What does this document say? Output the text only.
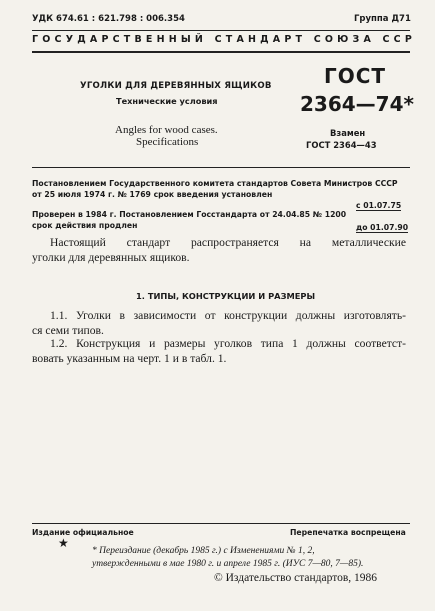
УДК 674.61 : 621.798 : 006.354	Группа Д71
ГОСУДАРСТВЕННЫЙ СТАНДАРТ СОЮЗА ССР
УГОЛКИ ДЛЯ ДЕРЕВЯННЫХ ЯЩИКОВ
Технические условия
Angles for wood cases.
Specifications
ГОСТ
2364—74*
Взамен
ГОСТ 2364—43
Постановлением Государственного комитета стандартов Совета Министров СССР
от 25 июля 1974 г. № 1769 срок введения установлен
с 01.07.75
Проверен в 1984 г. Постановлением Госстандарта от 24.04.85 № 1200
срок действия продлен	до 01.07.90
Настоящий стандарт распространяется на металлические
уголки для деревянных ящиков.
1. ТИПЫ, КОНСТРУКЦИИ И РАЗМЕРЫ
1.1. Уголки в зависимости от конструкции должны изготовлять-
ся семи типов.
1.2. Конструкция и размеры уголков типа 1 должны соответст-
вовать указанным на черт. 1 и в табл. 1.
Издание официальное	Перепечатка воспрещена
★
* Переиздание (декабрь 1985 г.) с Изменениями № 1, 2,
утвержденными в мае 1980 г. и апреле 1985 г. (ИУС 7—80, 7—85).
© Издательство стандартов, 1986
